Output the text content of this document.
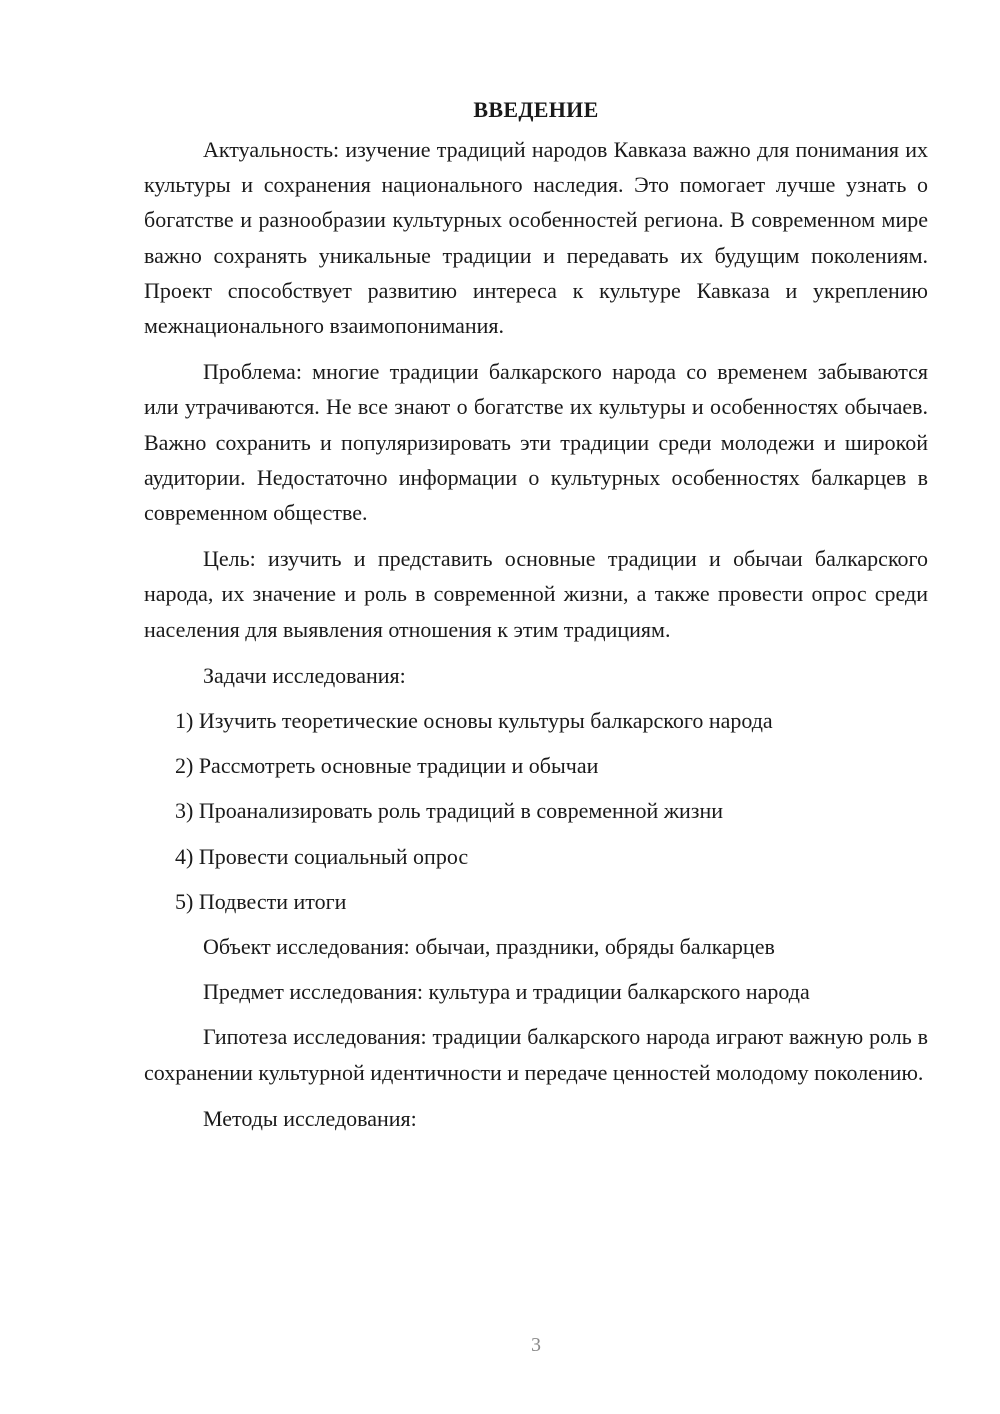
ВВЕДЕНИЕ

Актуальность: изучение традиций народов Кавказа важно для понимания их культуры и сохранения национального наследия. Это помогает лучше узнать о богатстве и разнообразии культурных особенностей региона. В современном мире важно сохранять уникальные традиции и передавать их будущим поколениям. Проект способствует развитию интереса к культуре Кавказа и укреплению межнационального взаимопонимания.

Проблема: многие традиции балкарского народа со временем забываются или утрачиваются. Не все знают о богатстве их культуры и особенностях обычаев. Важно сохранить и популяризировать эти традиции среди молодежи и широкой аудитории. Недостаточно информации о культурных особенностях балкарцев в современном обществе.

Цель: изучить и представить основные традиции и обычаи балкарского народа, их значение и роль в современной жизни, а также провести опрос среди населения для выявления отношения к этим традициям.

Задачи исследования:
1) Изучить теоретические основы культуры балкарского народа
2) Рассмотреть основные традиции и обычаи
3) Проанализировать роль традиций в современной жизни
4) Провести социальный опрос
5) Подвести итоги
Объект исследования: обычаи, праздники, обряды балкарцев
Предмет исследования: культура и традиции балкарского народа

Гипотеза исследования: традиции балкарского народа играют важную роль в сохранении культурной идентичности и передаче ценностей молодому поколению.

Методы исследования:
3
